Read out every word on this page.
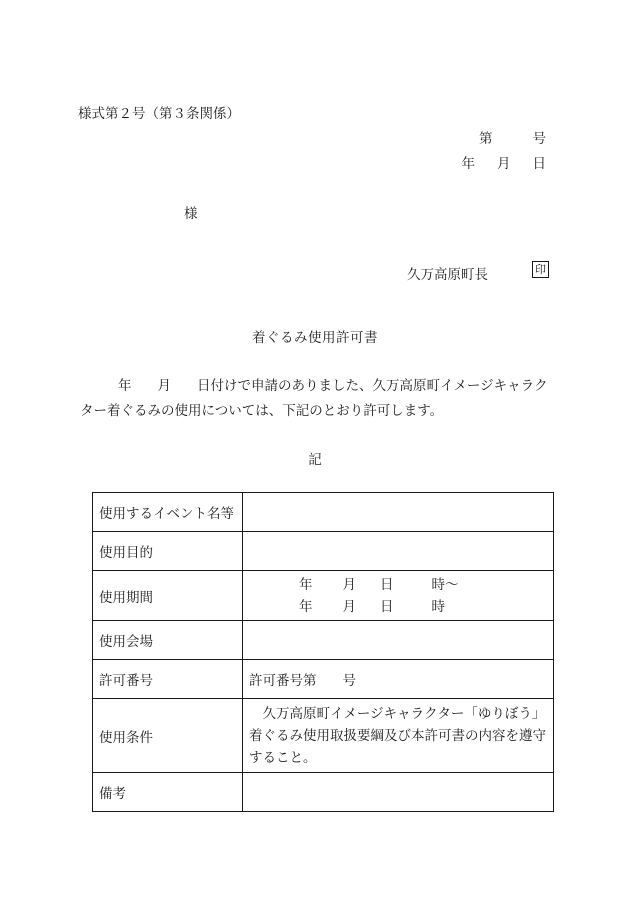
様式第２号（第３条関係）
第	号
年 月 日
様
久万高原町長	印
着ぐるみ使用許可書
年 月 日付けで申請のありました、久万高原町イメージキャラクター着ぐるみの使用については、下記のとおり許可します。
記
使用するイベント名等	
使用目的	
使用期間	年 月 日 時～
年 月 日 時

使用会場	
許可番号	許可番号第 号
使用条件	　久万高原町イメージキャラクター「ゆりぼう」着ぐるみ使用取扱要綱及び本許可書の内容を遵守すること。
備考	
